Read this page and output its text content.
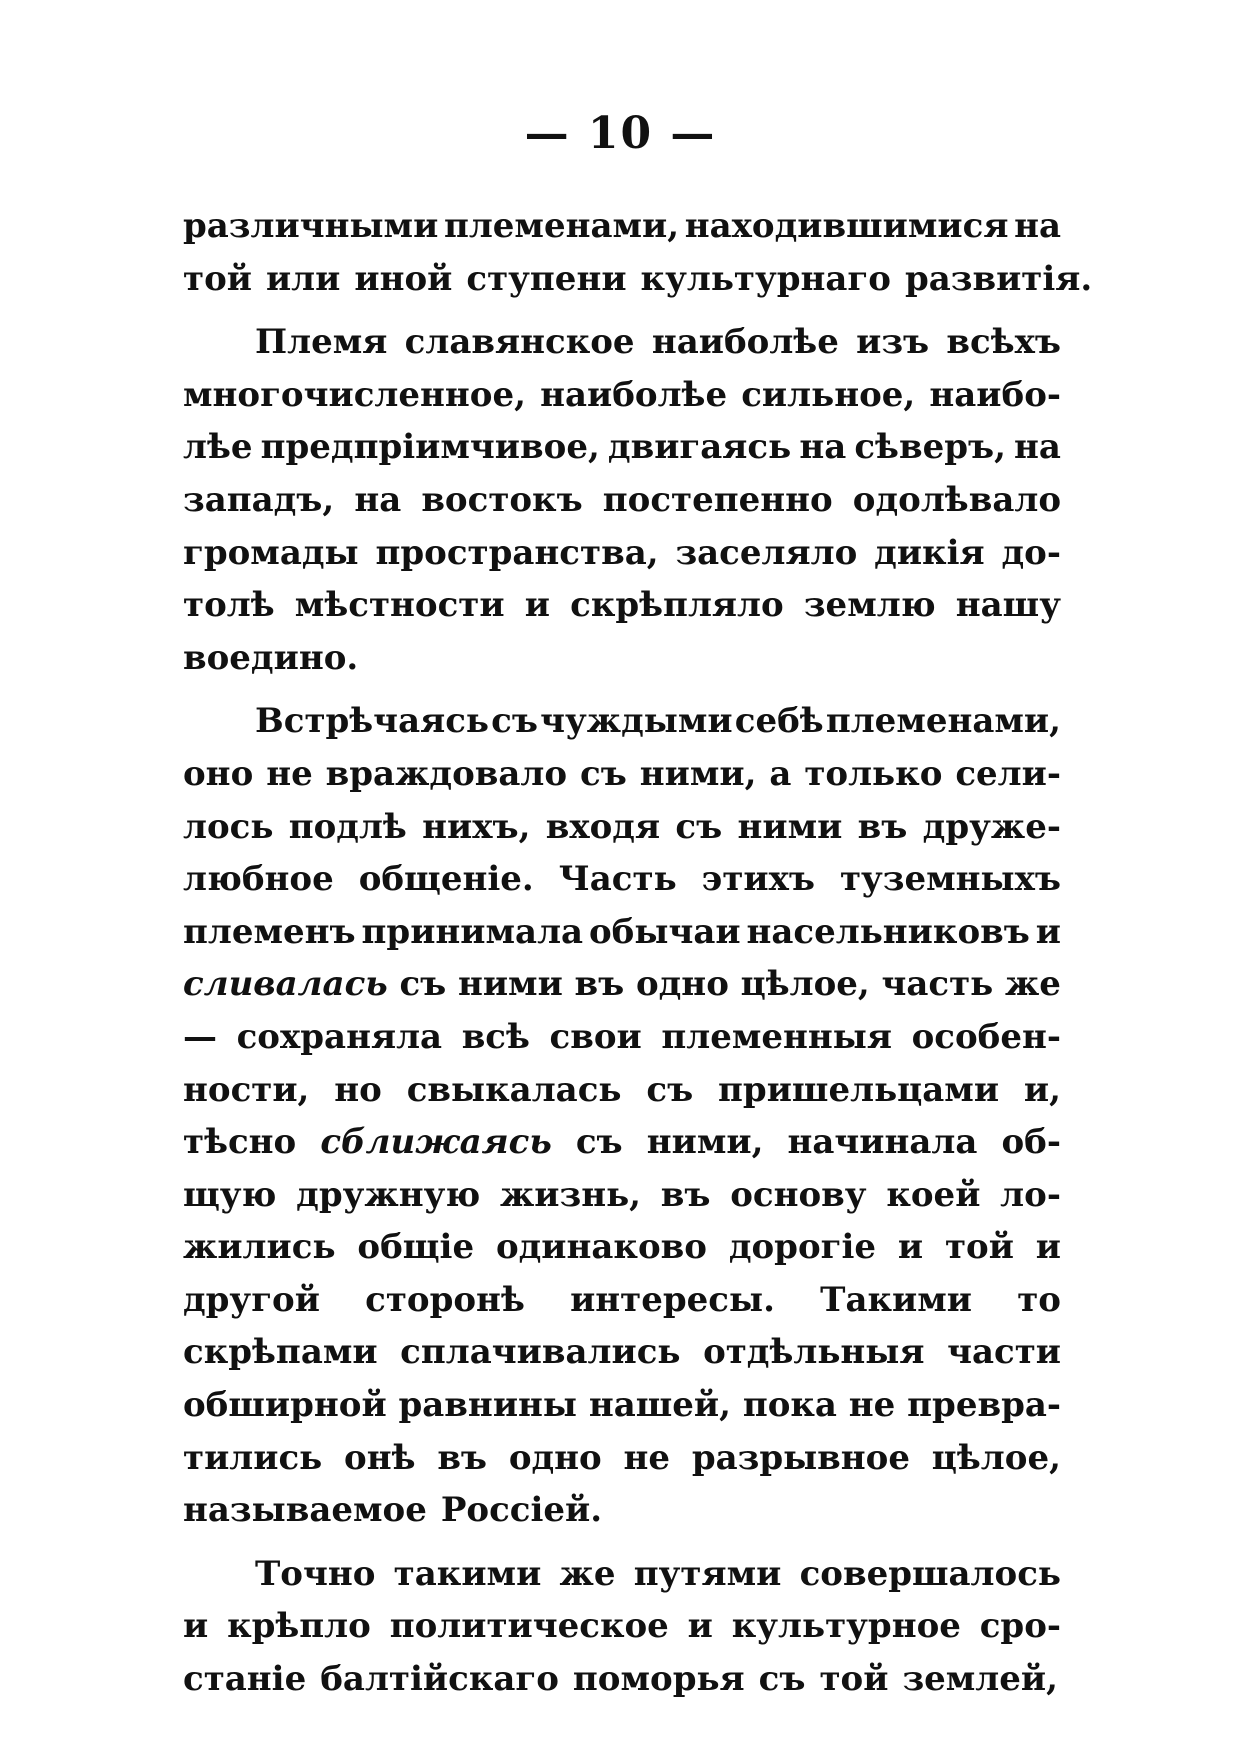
— 10 —
различными племенами, находившимися на
той или иной ступени культурнаго развитія.
Племя славянское наиболѣе изъ всѣхъ
многочисленное, наиболѣе сильное, наибо-
лѣе предпріимчивое, двигаясь на сѣверъ, на
западъ, на востокъ постепенно одолѣвало
громады пространства, заселяло дикія до-
толѣ мѣстности и скрѣпляло землю нашу
воедино.
Встрѣчаясь съ чуждыми себѣ племенами,
оно не враждовало съ ними, а только сели-
лось подлѣ нихъ, входя съ ними въ друже-
любное общеніе. Часть этихъ туземныхъ
племенъ принимала обычаи насельниковъ и
сливалась съ ними въ одно цѣлое, часть же
— сохраняла всѣ свои племенныя особен-
ности, но свыкалась съ пришельцами и,
тѣсно сближаясь съ ними, начинала об-
щую дружную жизнь, въ основу коей ло-
жились общіе одинаково дорогіе и той и
другой сторонѣ интересы. Такими то
скрѣпами сплачивались отдѣльныя части
обширной равнины нашей, пока не превра-
тились онѣ въ одно не разрывное цѣлое,
называемое Россіей.
Точно такими же путями совершалось
и крѣпло политическое и культурное сро-
станіе балтійскаго поморья съ той землей,
